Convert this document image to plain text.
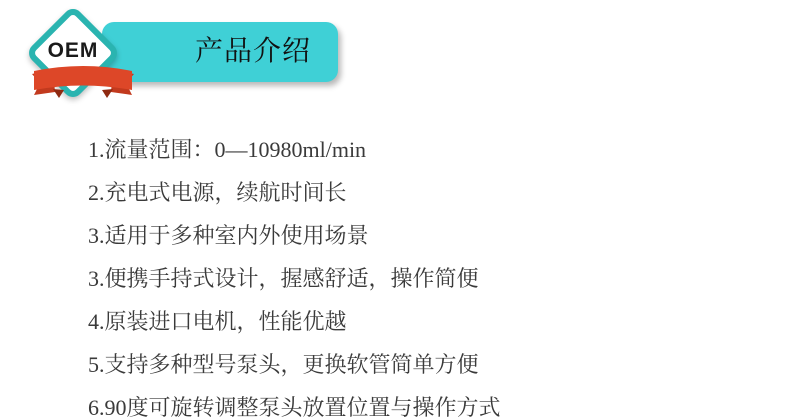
产品介绍
OEM
1.流量范围：0—10980ml/min
2.充电式电源，续航时间长
3.适用于多种室内外使用场景
3.便携手持式设计，握感舒适，操作简便
4.原装进口电机，性能优越
5.支持多种型号泵头，更换软管简单方便
6.90度可旋转调整泵头放置位置与操作方式
